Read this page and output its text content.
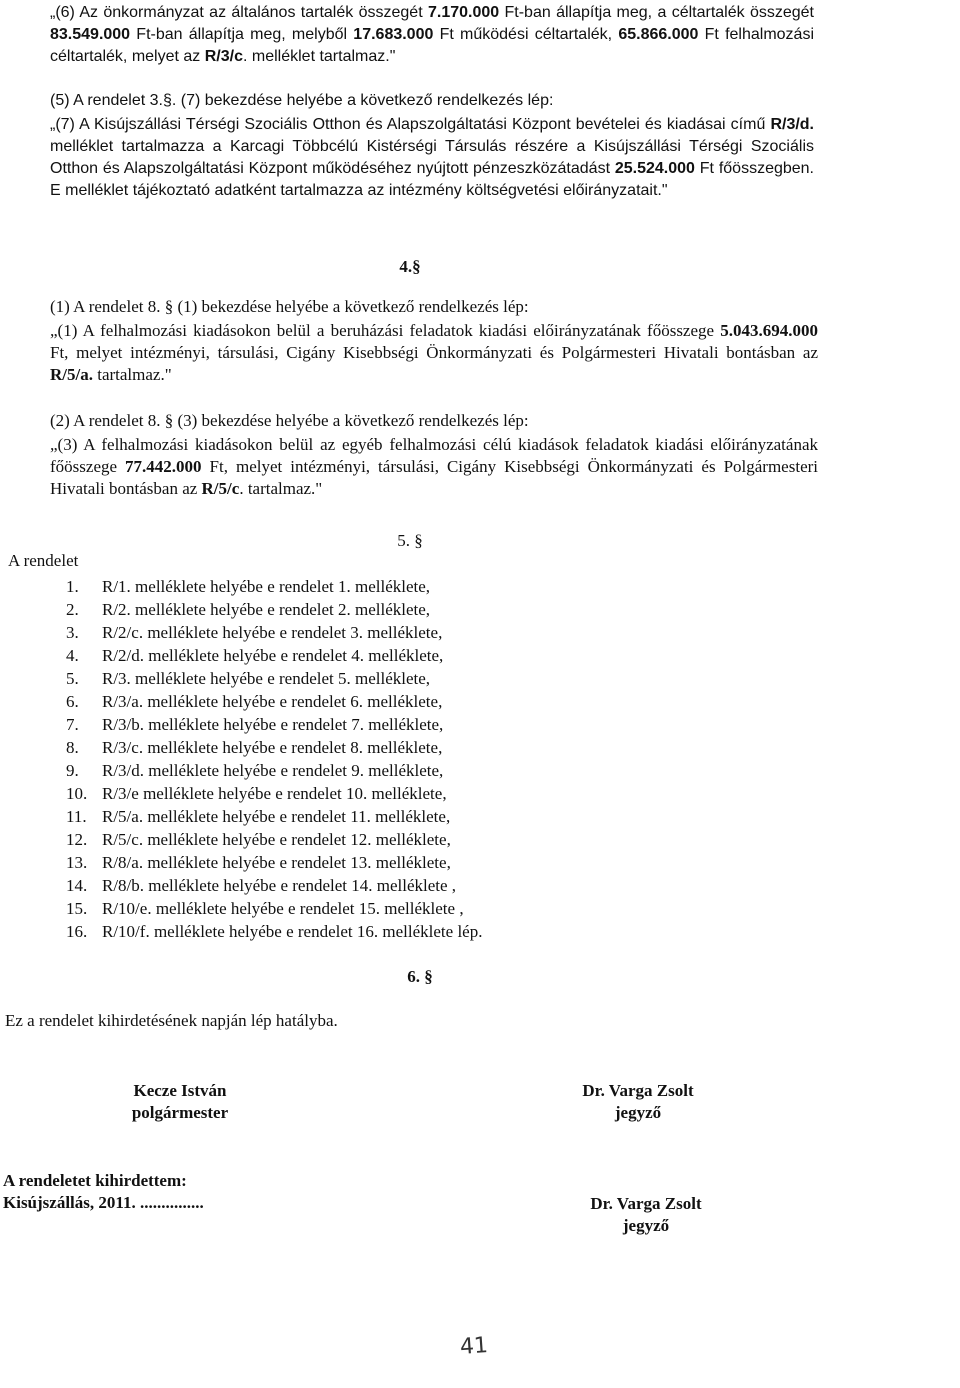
„(6) Az önkormányzat az általános tartalék összegét 7.170.000 Ft-ban állapítja meg, a céltartalék összegét 83.549.000 Ft-ban állapítja meg, melyből 17.683.000 Ft működési céltartalék, 65.866.000 Ft felhalmozási céltartalék, melyet az R/3/c. melléklet tartalmaz."

(5) A rendelet 3.§. (7) bekezdése helyébe a következő rendelkezés lép:

„(7) A Kisújszállási Térségi Szociális Otthon és Alapszolgáltatási Központ bevételei és kiadásai című R/3/d. melléklet tartalmazza a Karcagi Többcélú Kistérségi Társulás részére a Kisújszállási Térségi Szociális Otthon és Alapszolgáltatási Központ működéséhez nyújtott pénzeszközátadást 25.524.000 Ft főösszegben. E melléklet tájékoztató adatként tartalmazza az intézmény költségvetési előirányzatait."

4.§

(1) A rendelet 8. § (1) bekezdése helyébe a következő rendelkezés lép:

„(1) A felhalmozási kiadásokon belül a beruházási feladatok kiadási előirányzatának főösszege 5.043.694.000 Ft, melyet intézményi, társulási, Cigány Kisebbségi Önkormányzati és Polgármesteri Hivatali bontásban az R/5/a. tartalmaz."

(2) A rendelet 8. § (3) bekezdése helyébe a következő rendelkezés lép:

„(3) A felhalmozási kiadásokon belül az egyéb felhalmozási célú kiadások feladatok kiadási előirányzatának főösszege 77.442.000 Ft, melyet intézményi, társulási, Cigány Kisebbségi Önkormányzati és Polgármesteri Hivatali bontásban az R/5/c. tartalmaz."

5. §
A rendelet
1. R/1. melléklete helyébe e rendelet 1. melléklete,
2. R/2. melléklete helyébe e rendelet 2. melléklete,
3. R/2/c. melléklete helyébe e rendelet 3. melléklete,
4. R/2/d. melléklete helyébe e rendelet 4. melléklete,
5. R/3. melléklete helyébe e rendelet 5. melléklete,
6. R/3/a. melléklete helyébe e rendelet 6. melléklete,
7. R/3/b. melléklete helyébe e rendelet 7. melléklete,
8. R/3/c. melléklete helyébe e rendelet 8. melléklete,
9. R/3/d. melléklete helyébe e rendelet 9. melléklete,
10. R/3/e melléklete helyébe e rendelet 10. melléklete,
11. R/5/a. melléklete helyébe e rendelet 11. melléklete,
12. R/5/c. melléklete helyébe e rendelet 12. melléklete,
13. R/8/a. melléklete helyébe e rendelet 13. melléklete,
14. R/8/b. melléklete helyébe e rendelet 14. melléklete ,
15. R/10/e. melléklete helyébe e rendelet 15. melléklete ,
16. R/10/f. melléklete helyébe e rendelet 16. melléklete lép.
6. §
Ez a rendelet kihirdetésének napján lép hatályba.
Kecze István
polgármester
Dr. Varga Zsolt
jegyző
A rendeletet kihirdettem:
Kisújszállás, 2011. ...............	Dr. Varga Zsolt
jegyző
41
